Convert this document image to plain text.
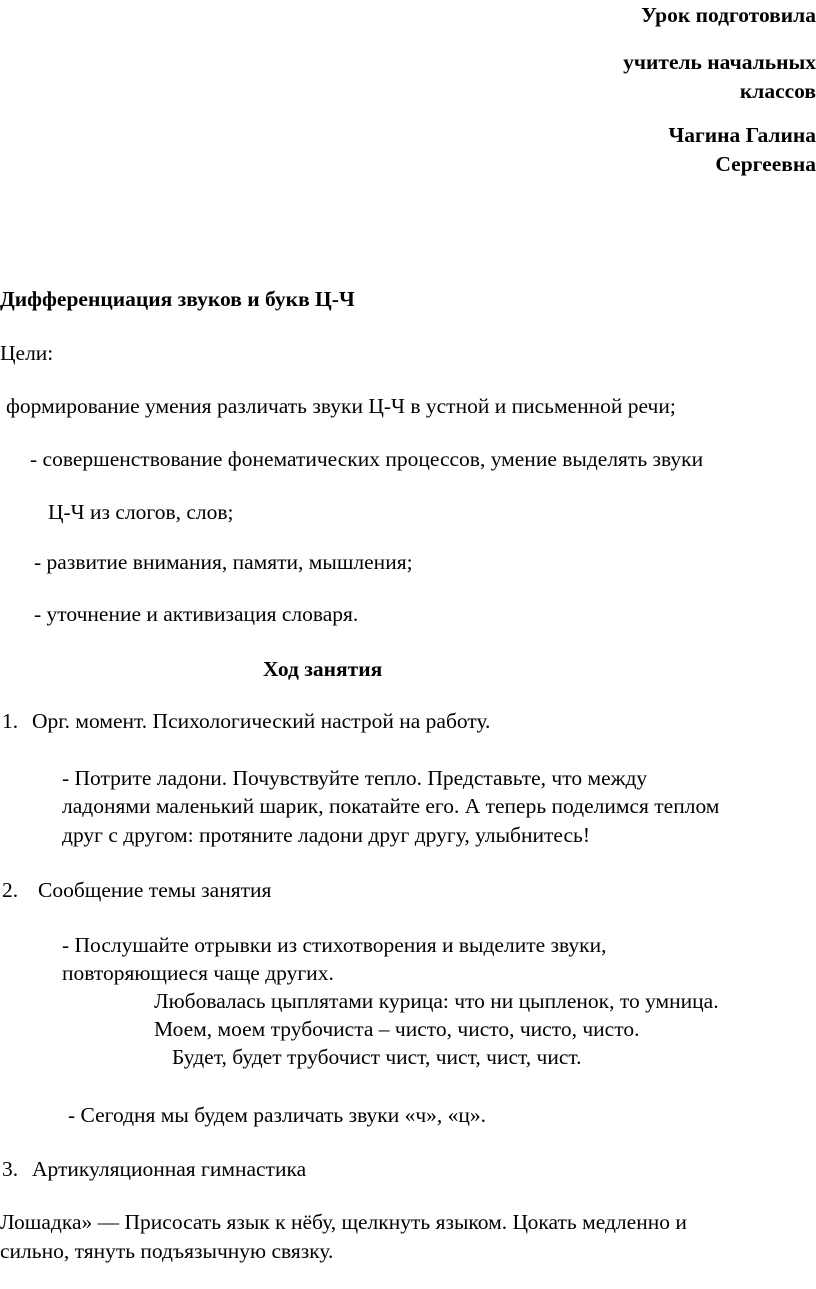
Урок подготовила
учитель начальных
классов
Чагина Галина
Сергеевна
Дифференциация звуков и букв Ц-Ч
Цели:
формирование умения различать звуки Ц-Ч в устной и письменной речи;
- совершенствование фонематических процессов, умение выделять звуки
Ц-Ч из слогов, слов;
- развитие внимания, памяти, мышления;
- уточнение и активизация словаря.
Ход занятия
1. Орг. момент. Психологический настрой на работу.
- Потрите ладони. Почувствуйте тепло. Представьте, что между
ладонями маленький шарик, покатайте его. А теперь поделимся теплом
друг с другом: протяните ладони друг другу, улыбнитесь!
2. Сообщение темы занятия
- Послушайте отрывки из стихотворения и выделите звуки,
повторяющиеся чаще других.
Любовалась цыплятами курица: что ни цыпленок, то умница.
Моем, моем трубочиста – чисто, чисто, чисто, чисто.
Будет, будет трубочист чист, чист, чист, чист.
- Сегодня мы будем различать звуки «ч», «ц».
3. Артикуляционная гимнастика
Лошадка» — Присосать язык к нёбу, щелкнуть языком. Цокать медленно и
сильно, тянуть подъязычную связку.
